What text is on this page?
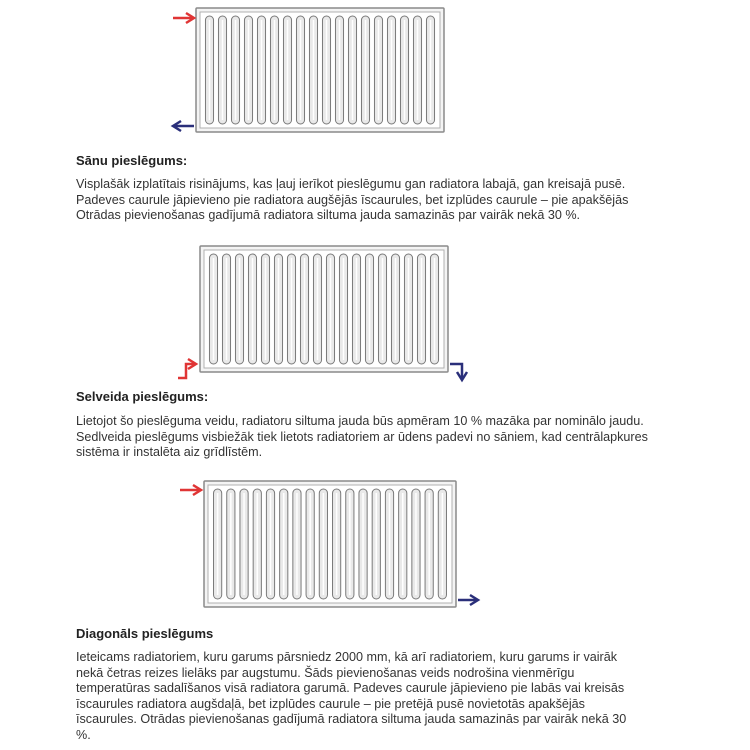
Sānu pieslēgums:
Visplašāk izplatītais risinājums, kas ļauj ierīkot pieslēgumu gan radiatora labajā, gan kreisajā pusē.
Padeves caurule jāpievieno pie radiatora augšējās īscaurules, bet izplūdes caurule – pie apakšējās
Otrādas pievienošanas gadījumā radiatora siltuma jauda samazinās par vairāk nekā 30 %.
Selveida pieslēgums:
Lietojot šo pieslēguma veidu, radiatoru siltuma jauda būs apmēram 10 % mazāka par nominālo jaudu.
Sedlveida pieslēgums visbiežāk tiek lietots radiatoriem ar ūdens padevi no sāniem, kad centrālapkures
sistēma ir instalēta aiz grīdlīstēm.
Diagonāls pieslēgums
Ieteicams radiatoriem, kuru garums pārsniedz 2000 mm, kā arī radiatoriem, kuru garums ir vairāk
nekā četras reizes lielāks par augstumu. Šāds pievienošanas veids nodrošina vienmērīgu
temperatūras sadalīšanos visā radiatora garumā. Padeves caurule jāpievieno pie labās vai kreisās
īscaurules radiatora augšdaļā, bet izplūdes caurule – pie pretējā pusē novietotās apakšējās
īscaurules. Otrādas pievienošanas gadījumā radiatora siltuma jauda samazinās par vairāk nekā 30
%.
